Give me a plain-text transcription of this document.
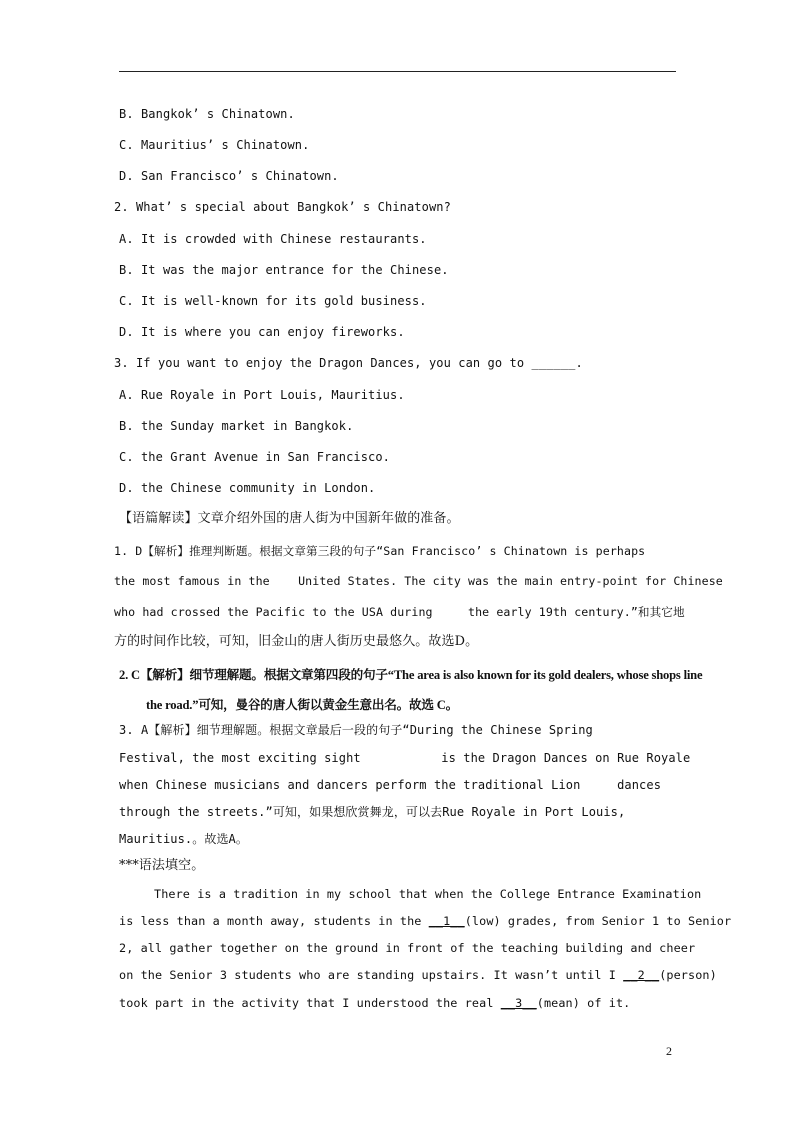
B. Bangkok’ s Chinatown.
C. Mauritius’ s Chinatown.
D. San Francisco’ s Chinatown.
2. What’ s special about Bangkok’ s Chinatown?
A. It is crowded with Chinese restaurants.
B. It was the major entrance for the Chinese.
C. It is well-known for its gold business.
D. It is where you can enjoy fireworks.
3. If you want to enjoy the Dragon Dances, you can go to ______.
A. Rue Royale in Port Louis, Mauritius.
B. the Sunday market in Bangkok.
C. the Grant Avenue in San Francisco.
D. the Chinese community in London.
【语篇解读】文章介绍外国的唐人街为中国新年做的准备。
1. D【解析】推理判断题。根据文章第三段的句子“San Francisco’ s Chinatown is perhaps
the most famous in the    United States. The city was the main entry-point for Chinese
who had crossed the Pacific to the USA during     the early 19th century.”和其它地
方的时间作比较，可知，旧金山的唐人街历史最悠久。故选D。
2. C【解析】细节理解题。根据文章第四段的句子“The area is also known for its gold dealers, whose shops line
the road.”可知，曼谷的唐人街以黄金生意出名。故选 C。
3. A【解析】细节理解题。根据文章最后一段的句子“During the Chinese Spring
Festival, the most exciting sight           is the Dragon Dances on Rue Royale
when Chinese musicians and dancers perform the traditional Lion     dances
through the streets.”可知，如果想欣赏舞龙，可以去Rue Royale in Port Louis,
Mauritius.。故选A。
***语法填空。
There is a tradition in my school that when the College Entrance Examination
is less than a month away, students in the __1__(low) grades, from Senior 1 to Senior
2, all gather together on the ground in front of the teaching building and cheer
on the Senior 3 students who are standing upstairs. It wasn’t until I __2__(person)
took part in the activity that I understood the real __3__(mean) of it.
2
